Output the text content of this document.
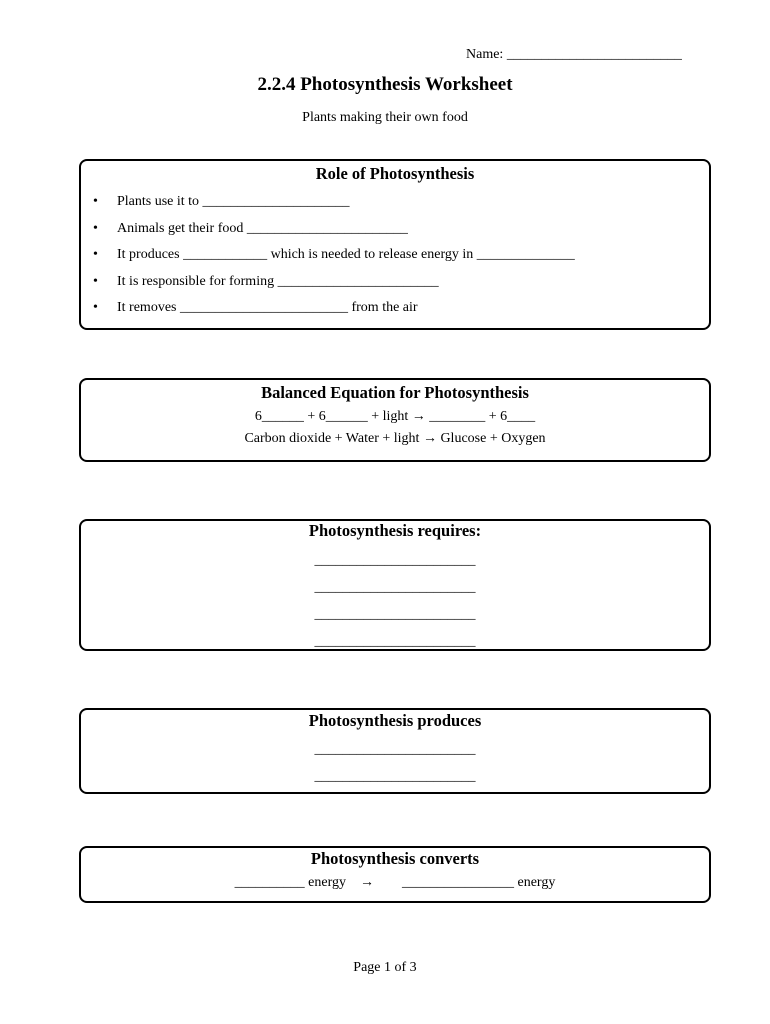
Name: _________________________
2.2.4 Photosynthesis Worksheet
Plants making their own food
Role of Photosynthesis
• Plants use it to _____________________
• Animals get their food _______________________
• It produces ____________ which is needed to release energy in ______________
• It is responsible for forming _______________________
• It removes ________________________ from the air
Balanced Equation for Photosynthesis
6______ + 6______ + light → ________ + 6____
Carbon dioxide + Water + light → Glucose + Oxygen
Photosynthesis requires:
_______________________
_______________________
_______________________
_______________________
Photosynthesis produces
_______________________
_______________________
Photosynthesis converts
__________ energy    →        ________________ energy
Page 1 of 3
